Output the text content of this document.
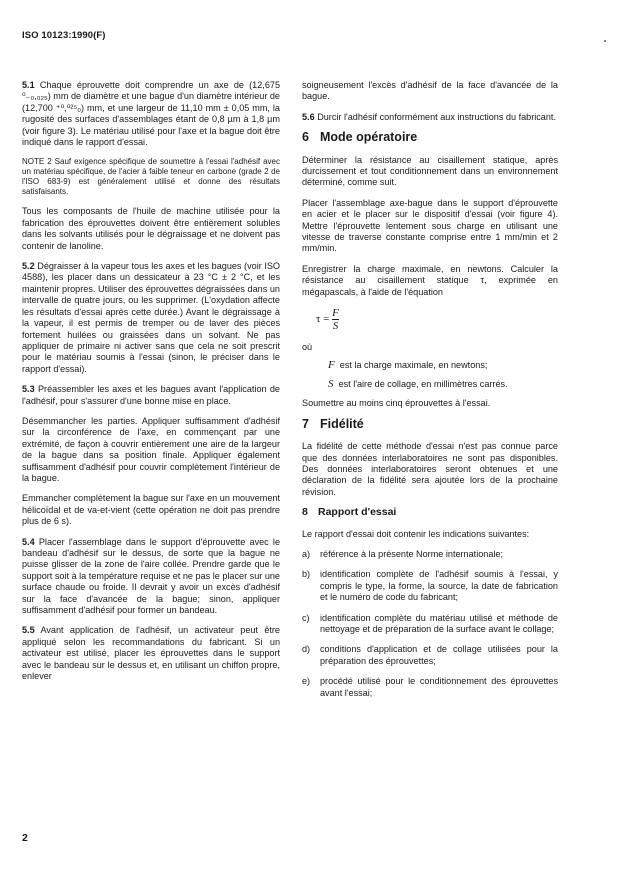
ISO 10123:1990(F)

5.1 Chaque éprouvette doit comprendre un axe de (12,675 ⁰₋₀,₀₂₅) mm de diamètre et une bague d'un diamètre intérieur de (12,700 ⁺⁰,⁰²⁵₀) mm, et une largeur de 11,10 mm ± 0,05 mm, la rugosité des surfaces d'assemblages étant de 0,8 µm à 1,8 µm (voir figure 3). Le matériau utilisé pour l'axe et la bague doit être indiqué dans le rapport d'essai.

NOTE 2 Sauf exigence spécifique de soumettre à l'essai l'adhésif avec un matériau spécifique, de l'acier à faible teneur en carbone (grade 2 de l'ISO 683-9) est généralement utilisé et donne des résultats satisfaisants.

Tous les composants de l'huile de machine utilisée pour la fabrication des éprouvettes doivent être entièrement solubles dans les solvants utilisés pour le dégraissage et ne doivent pas contenir de lanoline.

5.2 Dégraisser à la vapeur tous les axes et les bagues (voir ISO 4588), les placer dans un dessicateur à 23 °C ± 2 °C, et les maintenir propres. Utiliser des éprouvettes dégraissées dans un intervalle de quatre jours, ou les supprimer. (L'oxydation affecte les résultats d'essai après cette durée.) Avant le dégraissage à la vapeur, il est permis de tremper ou de laver des pièces fortement huilées ou graissées dans un solvant. Ne pas appliquer de primaire ni activer sans que cela ne soit prescrit pour le matériau soumis à l'essai (sinon, le préciser dans le rapport d'essai).

5.3 Préassembler les axes et les bagues avant l'application de l'adhésif, pour s'assurer d'une bonne mise en place.

Désemmancher les parties. Appliquer suffisamment d'adhésif sur la circonférence de l'axe, en commençant par une extrémité, de façon à couvrir entièrement une aire de la largeur de la bague dans sa position finale. Appliquer également suffisamment d'adhésif pour couvrir complètement l'intérieur de la bague.

Emmancher complètement la bague sur l'axe en un mouvement hélicoïdal et de va-et-vient (cette opération ne doit pas prendre plus de 6 s).

5.4 Placer l'assemblage dans le support d'éprouvette avec le bandeau d'adhésif sur le dessus, de sorte que la bague ne puisse glisser de la zone de l'aire collée. Prendre garde que le support soit à la température requise et ne pas le placer sur une surface chaude ou froide. Il devrait y avoir un excès d'adhésif sur la face d'avancée de la bague; sinon, appliquer suffisamment d'adhésif pour former un bandeau.

5.5 Avant application de l'adhésif, un activateur peut être appliqué selon les recommandations du fabricant. Si un activateur est utilisé, placer les éprouvettes dans le support avec le bandeau sur le dessus et, en utilisant un chiffon propre, enlever

soigneusement l'excès d'adhésif de la face d'avancée de la bague.

5.6 Durcir l'adhésif conformément aux instructions du fabricant.

6 Mode opératoire

Déterminer la résistance au cisaillement statique, après durcissement et tout conditionnement dans un environnement déterminé, comme suit.

Placer l'assemblage axe-bague dans le support d'éprouvette en acier et le placer sur le dispositif d'essai (voir figure 4). Mettre l'éprouvette lentement sous charge en utilisant une vitesse de traverse constante comprise entre 1 mm/min et 2 mm/min.

Enregistrer la charge maximale, en newtons. Calculer la résistance au cisaillement statique τ, exprimée en mégapascals, à l'aide de l'équation

$\tau = \frac{F}{S}$

où

F est la charge maximale, en newtons;

S est l'aire de collage, en millimètres carrés.

Soumettre au moins cinq éprouvettes à l'essai.

7 Fidélité

La fidélité de cette méthode d'essai n'est pas connue parce que des données interlaboratoires ne sont pas disponibles. Des données interlaboratoires seront obtenues et une déclaration de la fidélité sera ajoutée lors de la prochaine révision.

8 Rapport d'essai

Le rapport d'essai doit contenir les indications suivantes:

a)	référence à la présente Norme internationale;
b)	identification complète de l'adhésif soumis à l'essai, y compris le type, la forme, la source, la date de fabrication et le numéro de code du fabricant;
c)	identification complète du matériau utilisé et méthode de nettoyage et de préparation de la surface avant le collage;
d)	conditions d'application et de collage utilisées pour la préparation des éprouvettes;
e)	procédé utilisé pour le conditionnement des éprouvettes avant l'essai;
2
